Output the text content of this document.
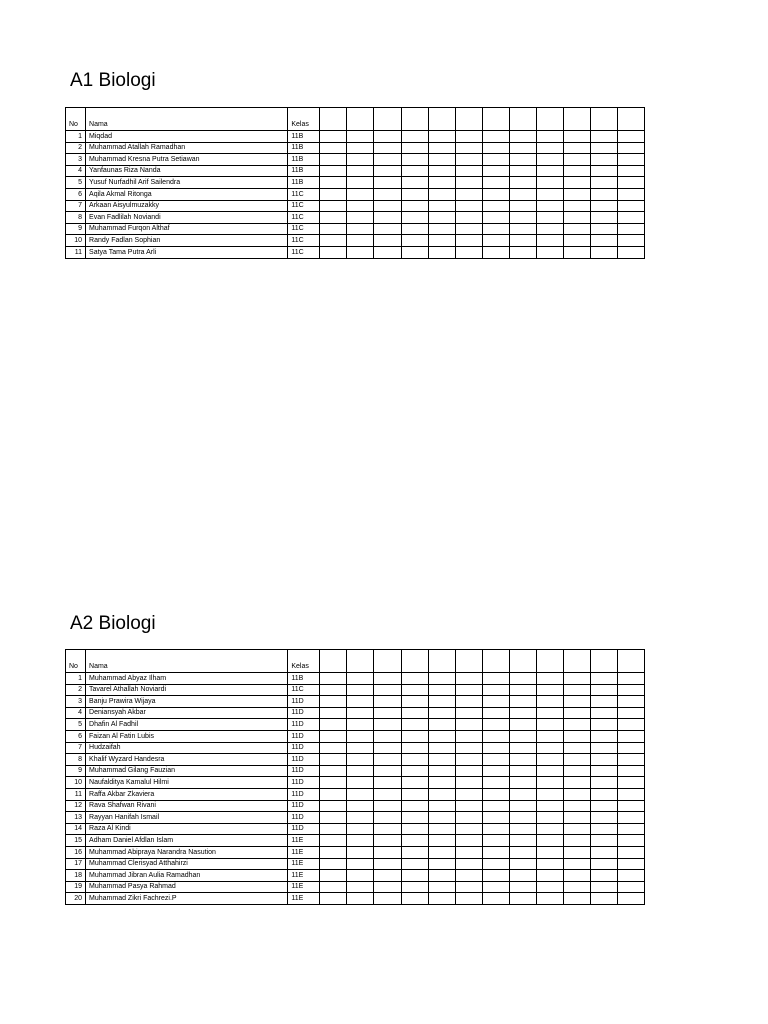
A1 Biologi
No	Nama	Kelas												
1	Miqdad	11B												
2	Muhammad Atallah Ramadhan	11B												
3	Muhammad Kresna Putra Setiawan	11B												
4	Yanfaunas Riza Nanda	11B												
5	Yusuf Nurfadhil Arif Sailendra	11B												
6	Aqila Akmal Ritonga	11C												
7	Arkaan Aisyulmuzakky	11C												
8	Evan Fadlilah Noviandi	11C												
9	Muhammad Furqon Althaf	11C												
10	Randy Fadlan Sophian	11C												
11	Satya Tama Putra Arli	11C												
A2 Biologi
No	Nama	Kelas												
1	Muhammad Abyaz Ilham	11B												
2	Tavarel Athallah Noviardi	11C												
3	Banju Prawira Wijaya	11D												
4	Deniansyah Akbar	11D												
5	Dhafin Al Fadhil	11D												
6	Faizan Al Fatin Lubis	11D												
7	Hudzaifah	11D												
8	Khalif Wyzard Handesra	11D												
9	Muhammad Gilang Fauzian	11D												
10	Naufalditya Kamalul Hilmi	11D												
11	Raffa Akbar Zkaviera	11D												
12	Rava Shafwan Rivani	11D												
13	Rayyan Hanifah Ismail	11D												
14	Raza Al Kindi	11D												
15	Adham Daniel Afdlan Islam	11E												
16	Muhammad Abipraya Narandra Nasution	11E												
17	Muhammad Clerisyad Atthahirzi	11E												
18	Muhammad Jibran Aulia Ramadhan	11E												
19	Muhammad Pasya Rahmad	11E												
20	Muhammad Zikri Fachrezi.P	11E												
